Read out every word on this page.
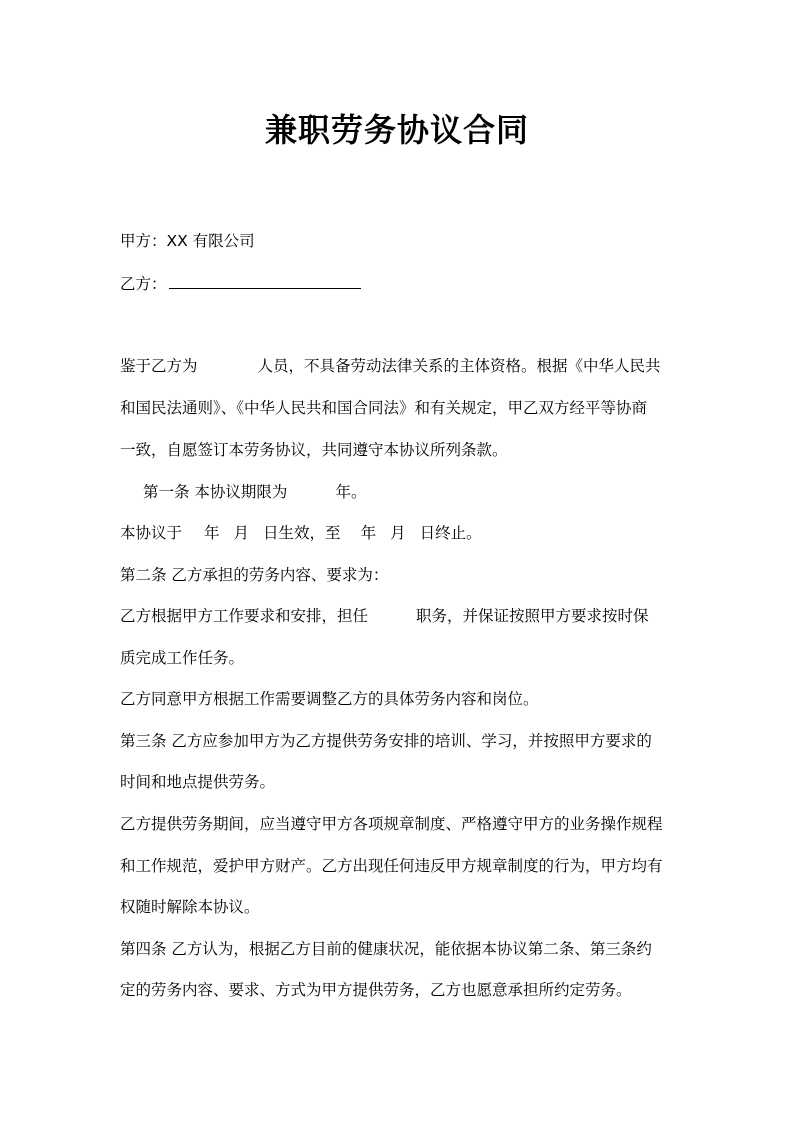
兼职劳务协议合同
甲方：XX 有限公司
乙方：
鉴于乙方为	人员，不具备劳动法律关系的主体资格。根据《中华人民共
和国民法通则》、《中华人民共和国合同法》和有关规定，甲乙双方经平等协商
一致，自愿签订本劳务协议，共同遵守本协议所列条款。
第一条 本协议期限为	年。
本协议于 年 月 日生效，至 年 月 日终止。
第二条 乙方承担的劳务内容、要求为：
乙方根据甲方工作要求和安排，担任	职务，并保证按照甲方要求按时保
质完成工作任务。
乙方同意甲方根据工作需要调整乙方的具体劳务内容和岗位。
第三条 乙方应参加甲方为乙方提供劳务安排的培训、学习，并按照甲方要求的
时间和地点提供劳务。
乙方提供劳务期间，应当遵守甲方各项规章制度、严格遵守甲方的业务操作规程
和工作规范，爱护甲方财产。乙方出现任何违反甲方规章制度的行为，甲方均有
权随时解除本协议。
第四条 乙方认为，根据乙方目前的健康状况，能依据本协议第二条、第三条约
定的劳务内容、要求、方式为甲方提供劳务，乙方也愿意承担所约定劳务。
